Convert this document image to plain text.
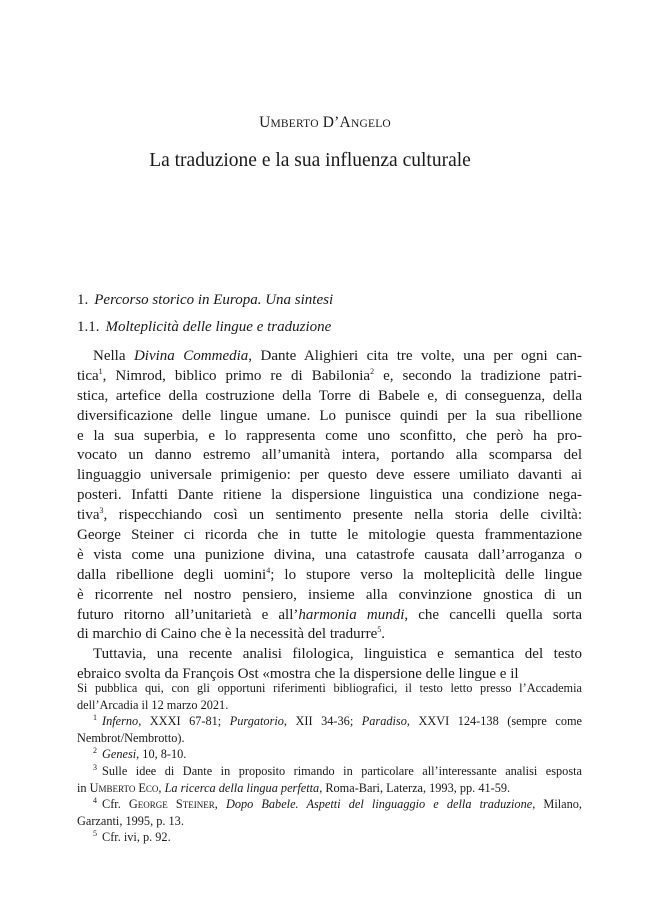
UMBERTO D’ANGELO
La traduzione e la sua influenza culturale
1. Percorso storico in Europa. Una sintesi
1.1. Molteplicità delle lingue e traduzione
Nella Divina Commedia, Dante Alighieri cita tre volte, una per ogni can-
tica$^1$, Nimrod, biblico primo re di Babilonia$^2$ e, secondo la tradizione patri-
stica, artefice della costruzione della Torre di Babele e, di conseguenza, della
diversificazione delle lingue umane. Lo punisce quindi per la sua ribellione
e la sua superbia, e lo rappresenta come uno sconfitto, che però ha pro-
vocato un danno estremo all’umanità intera, portando alla scomparsa del
linguaggio universale primigenio: per questo deve essere umiliato davanti ai
posteri. Infatti Dante ritiene la dispersione linguistica una condizione nega-
tiva$^3$, rispecchiando così un sentimento presente nella storia delle civiltà:
George Steiner ci ricorda che in tutte le mitologie questa frammentazione
è vista come una punizione divina, una catastrofe causata dall’arroganza o
dalla ribellione degli uomini$^4$; lo stupore verso la molteplicità delle lingue
è ricorrente nel nostro pensiero, insieme alla convinzione gnostica di un
futuro ritorno all’unitarietà e all’harmonia mundi, che cancelli quella sorta
di marchio di Caino che è la necessità del tradurre$^5$.
Tuttavia, una recente analisi filologica, linguistica e semantica del testo
ebraico svolta da François Ost «mostra che la dispersione delle lingue e il
Si pubblica qui, con gli opportuni riferimenti bibliografici, il testo letto presso l’Accademia
dell’Arcadia il 12 marzo 2021.
$^1$ Inferno, XXXI 67-81; Purgatorio, XII 34-36; Paradiso, XXVI 124-138 (sempre come
Nembrot/Nembrotto).
$^2$ Genesi, 10, 8-10.
$^3$ Sulle idee di Dante in proposito rimando in particolare all’interessante analisi esposta
in Umberto Eco, La ricerca della lingua perfetta, Roma-Bari, Laterza, 1993, pp. 41-59.
$^4$ Cfr. George Steiner, Dopo Babele. Aspetti del linguaggio e della traduzione, Milano,
Garzanti, 1995, p. 13.
$^5$ Cfr. ivi, p. 92.
